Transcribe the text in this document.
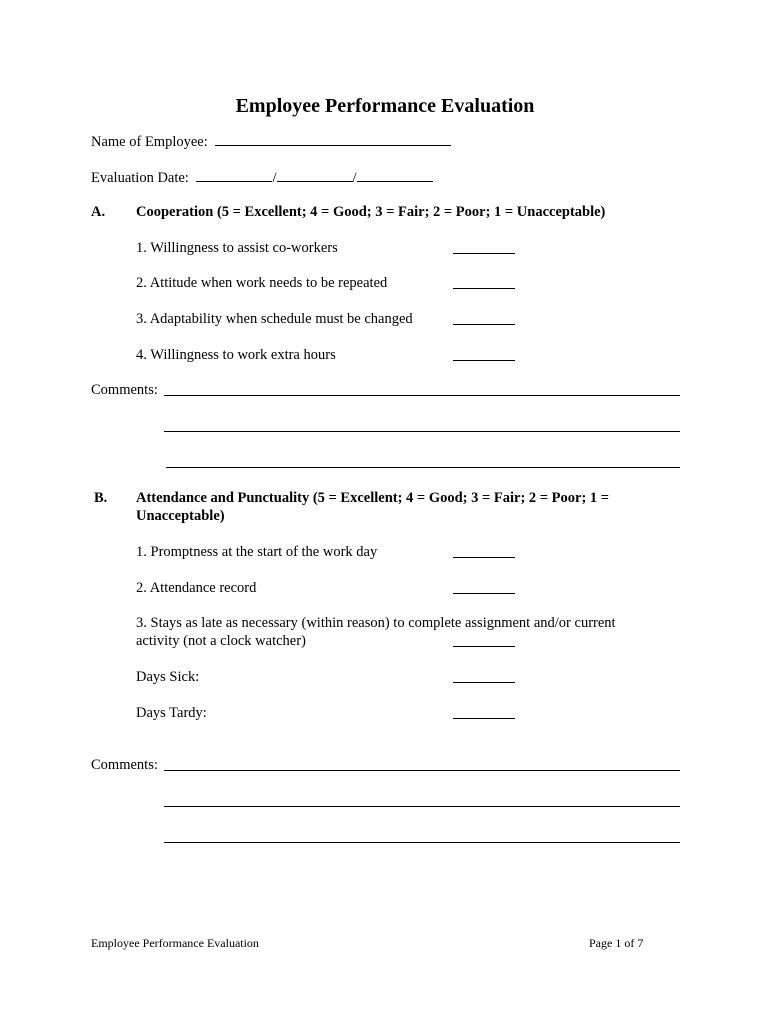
Employee Performance Evaluation
Name of Employee:
Evaluation Date:	/	/
A. Cooperation (5 = Excellent; 4 = Good; 3 = Fair; 2 = Poor; 1 = Unacceptable)
1. Willingness to assist co-workers
2. Attitude when work needs to be repeated
3. Adaptability when schedule must be changed
4. Willingness to work extra hours
Comments:
B. Attendance and Punctuality (5 = Excellent; 4 = Good; 3 = Fair; 2 = Poor; 1 = Unacceptable)
1. Promptness at the start of the work day
2. Attendance record
3. Stays as late as necessary (within reason) to complete assignment and/or current activity (not a clock watcher)
Days Sick:
Days Tardy:
Comments:
Employee Performance Evaluation	Page 1 of 7
